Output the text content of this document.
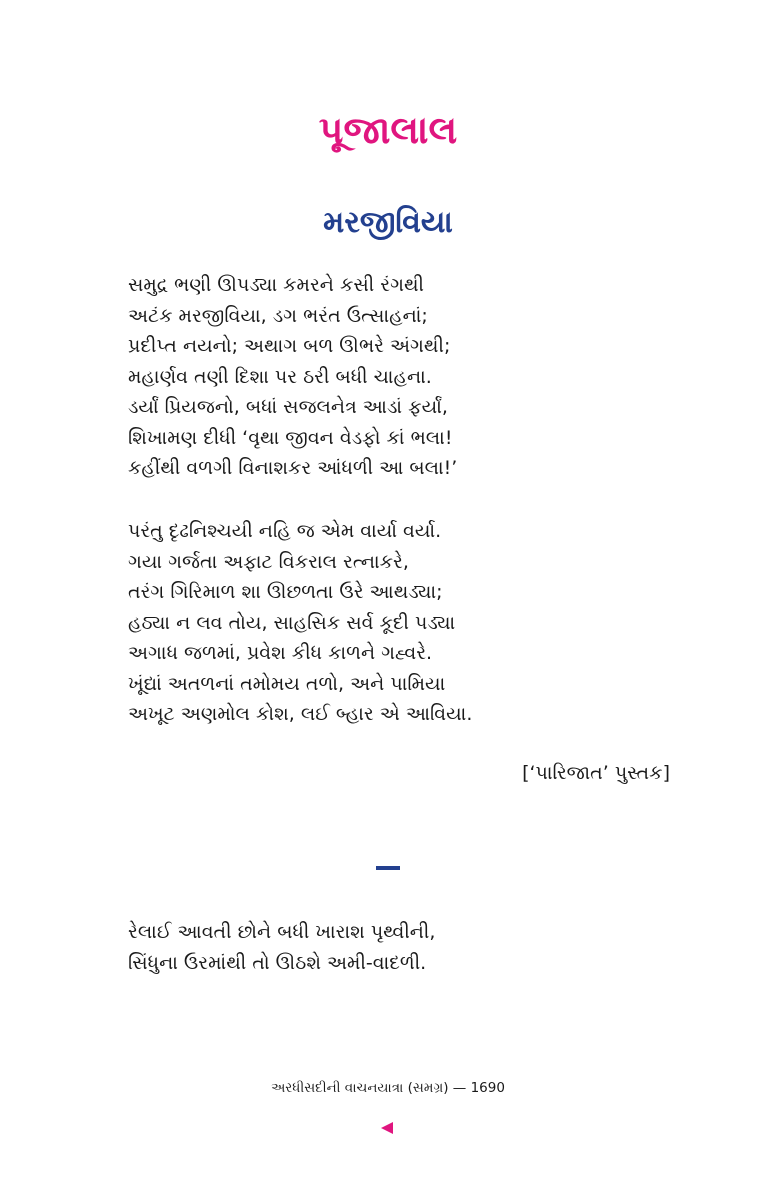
પૂજાલાલ
મરજીવિયા
સમુદ્ર ભણી ઊપડ્યા કમરને કસી રંગથી
અટંક મરજીવિયા, ડગ ભરંત ઉત્સાહનાં;
પ્રદીપ્ત નયનો; અથાગ બળ ઊભરે અંગથી;
મહાર્ણવ તણી દિશા પર ઠરી બધી ચાહના.
ડર્યાં પ્રિયજનો, બધાં સજલનેત્ર આડાં ફર્યાં,
શિખામણ દીધી ‘વૃથા જીવન વેડફો કાં ભલા!
કહીંથી વળગી વિનાશકર આંધળી આ બલા!’
પરંતુ દૃઢનિશ્ચયી નહિ જ એમ વાર્યા વર્યા.
ગયા ગર્જતા અફાટ વિકરાલ રત્નાકરે,
તરંગ ગિરિમાળ શા ઊછળતા ઉરે આથડ્યા;
હઠ્યા ન લવ તોય, સાહસિક સર્વ કૂદી પડ્યા
અગાધ જળમાં, પ્રવેશ કીધ કાળને ગહ્વરે.
ખૂંદ્યાં અતળનાં તમોમય તળો, અને પામિયા
અખૂટ અણમોલ કોશ, લઈ બ્હાર એ આવિયા.
[‘પારિજાત’ પુસ્તક]
રેલાઈ આવતી છોને બધી ખારાશ પૃથ્વીની,
સિંધુના ઉરમાંથી તો ઊઠશે અમી-વાદળી.
અરધીસદીની વાચનયાત્રા (સમગ્ર) — 1690
